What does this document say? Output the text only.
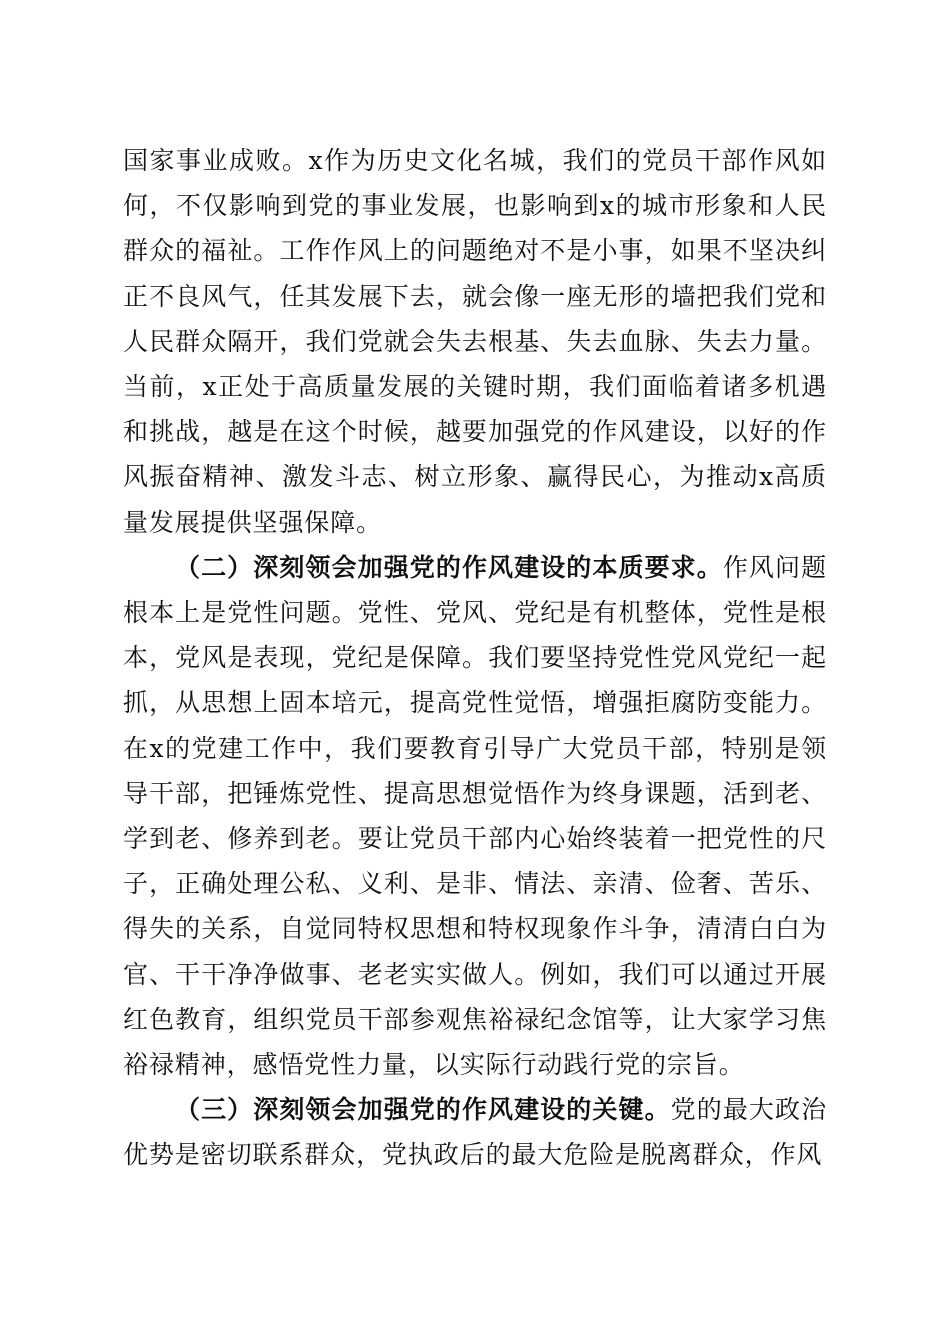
国家事业成败。x作为历史文化名城，我们的党员干部作风如何，不仅影响到党的事业发展，也影响到x的城市形象和人民群众的福祉。工作作风上的问题绝对不是小事，如果不坚决纠正不良风气，任其发展下去，就会像一座无形的墙把我们党和人民群众隔开，我们党就会失去根基、失去血脉、失去力量。当前，x正处于高质量发展的关键时期，我们面临着诸多机遇和挑战，越是在这个时候，越要加强党的作风建设，以好的作风振奋精神、激发斗志、树立形象、赢得民心，为推动x高质量发展提供坚强保障。

（二）深刻领会加强党的作风建设的本质要求。作风问题根本上是党性问题。党性、党风、党纪是有机整体，党性是根本，党风是表现，党纪是保障。我们要坚持党性党风党纪一起抓，从思想上固本培元，提高党性觉悟，增强拒腐防变能力。在x的党建工作中，我们要教育引导广大党员干部，特别是领导干部，把锤炼党性、提高思想觉悟作为终身课题，活到老、学到老、修养到老。要让党员干部内心始终装着一把党性的尺子，正确处理公私、义利、是非、情法、亲清、俭奢、苦乐、得失的关系，自觉同特权思想和特权现象作斗争，清清白白为官、干干净净做事、老老实实做人。例如，我们可以通过开展红色教育，组织党员干部参观焦裕禄纪念馆等，让大家学习焦裕禄精神，感悟党性力量，以实际行动践行党的宗旨。

（三）深刻领会加强党的作风建设的关键。党的最大政治优势是密切联系群众，党执政后的最大危险是脱离群众，作风
